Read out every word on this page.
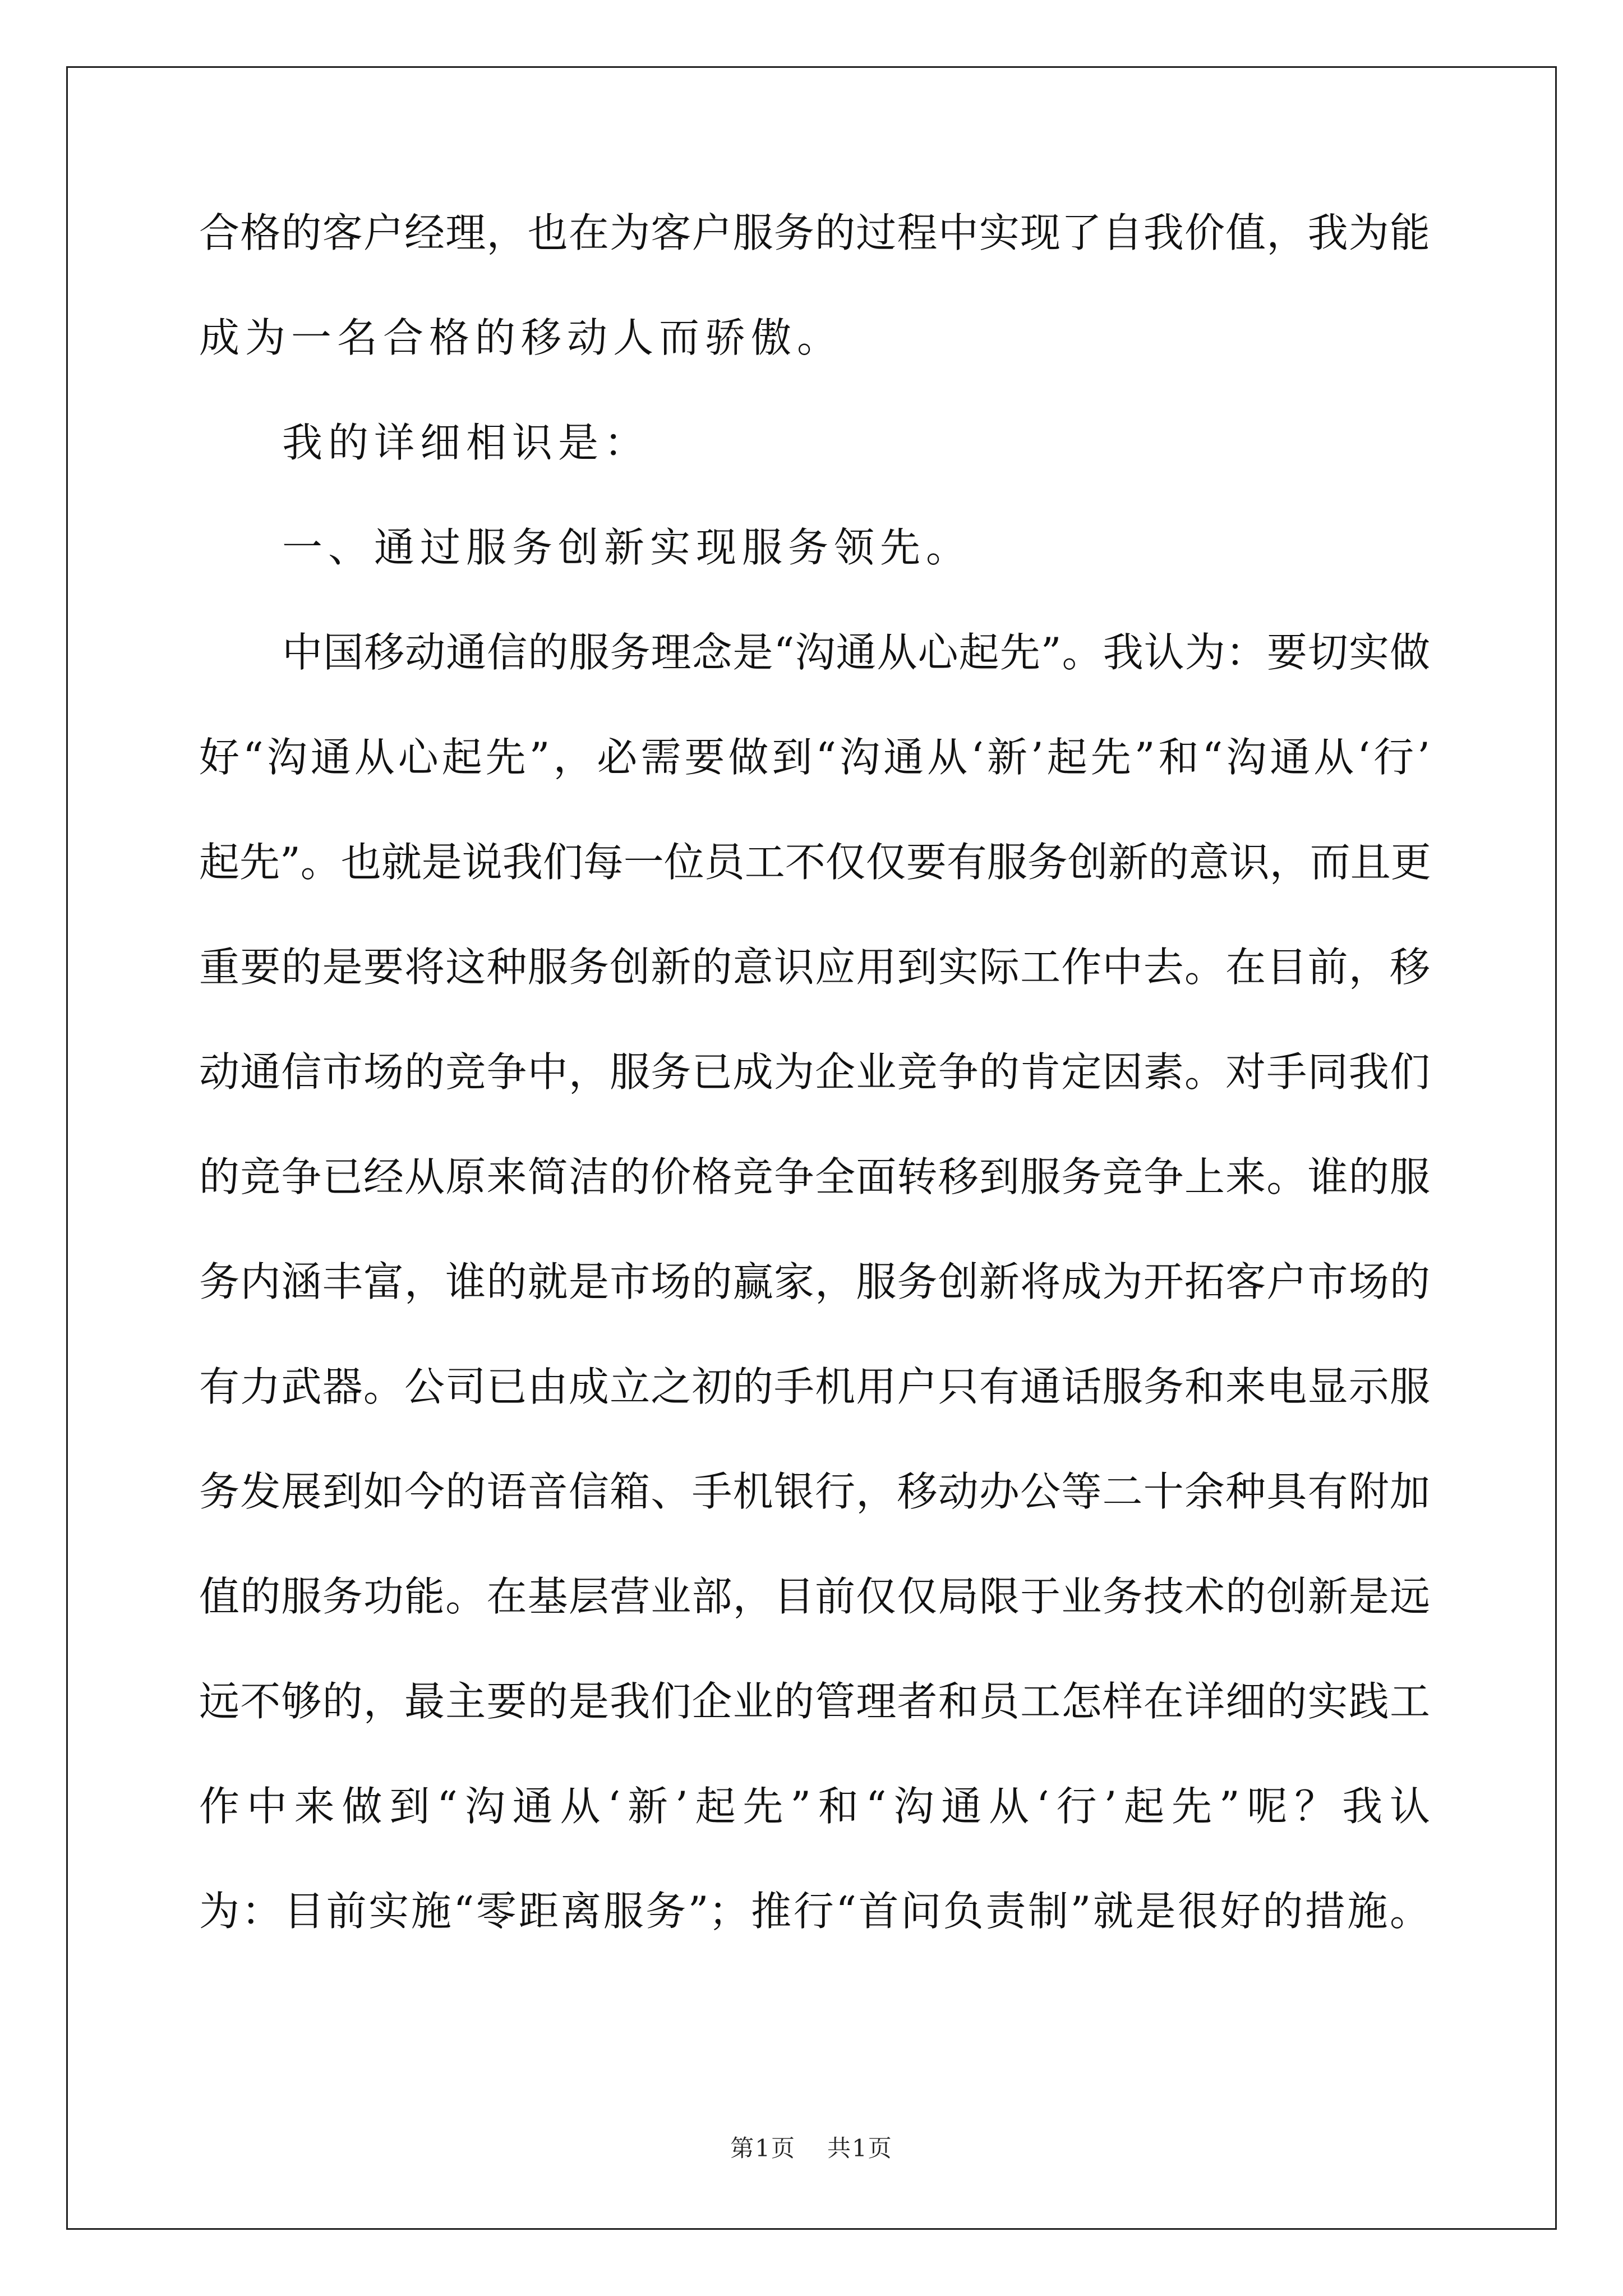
合格的客户经理，也在为客户服务的过程中实现了自我价值，我为能
成为一名合格的移动人而骄傲。
我的详细相识是：
一、通过服务创新实现服务领先。
中国移动通信的服务理念是“沟通从心起先”。我认为：要切实做
好“沟通从心起先”，必需要做到“沟通从‘新’起先”和“沟通从‘行’
起先”。也就是说我们每一位员工不仅仅要有服务创新的意识，而且更
重要的是要将这种服务创新的意识应用到实际工作中去。在目前，移
动通信市场的竞争中，服务已成为企业竞争的肯定因素。对手同我们
的竞争已经从原来简洁的价格竞争全面转移到服务竞争上来。谁的服
务内涵丰富，谁的就是市场的赢家，服务创新将成为开拓客户市场的
有力武器。公司已由成立之初的手机用户只有通话服务和来电显示服
务发展到如今的语音信箱、手机银行，移动办公等二十余种具有附加
值的服务功能。在基层营业部，目前仅仅局限于业务技术的创新是远
远不够的，最主要的是我们企业的管理者和员工怎样在详细的实践工
作中来做到“沟通从‘新’起先”和“沟通从‘行’起先”呢？我认
为：目前实施“零距离服务”；推行“首问负责制”就是很好的措施。
第1页 共1页
